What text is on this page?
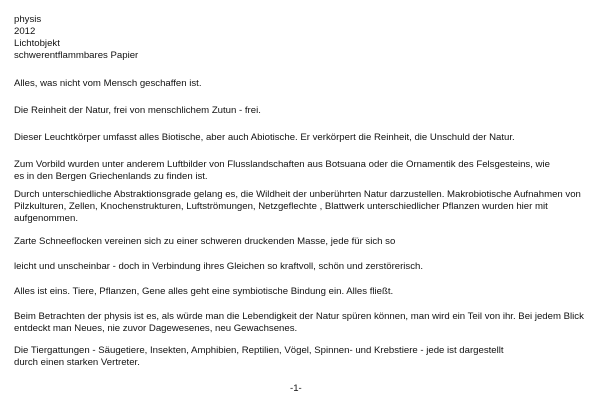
physis
2012
Lichtobjekt
schwerentflammbares Papier

Alles, was nicht vom Mensch geschaffen ist.

Die Reinheit der Natur, frei von menschlichem Zutun - frei.

Dieser Leuchtkörper umfasst alles Biotische, aber auch Abiotische. Er verkörpert die Reinheit, die Unschuld der Natur.

Zum Vorbild wurden unter anderem Luftbilder von Flusslandschaften aus Botsuana oder die Ornamentik des Felsgesteins, wie es in den Bergen Griechenlands zu finden ist.

Durch unterschiedliche Abstraktionsgrade gelang es, die Wildheit der unberührten Natur darzustellen. Makrobiotische Aufnahmen von Pilzkulturen, Zellen, Knochenstrukturen, Luftströmungen, Netzgeflechte , Blattwerk unterschiedlicher Pflanzen wurden hier mit aufgenommen.

Zarte Schneeflocken vereinen sich zu einer schweren druckenden Masse, jede für sich so

leicht und unscheinbar - doch in Verbindung ihres Gleichen so kraftvoll, schön und zerstörerisch.

Alles ist eins. Tiere, Pflanzen, Gene alles geht eine symbiotische Bindung ein. Alles fließt.

Beim Betrachten der physis ist es, als würde man die Lebendigkeit der Natur spüren können, man wird ein Teil von ihr. Bei jedem Blick entdeckt man Neues, nie zuvor Dagewesenes, neu Gewachsenes.

Die Tiergattungen - Säugetiere, Insekten, Amphibien, Reptilien, Vögel, Spinnen- und Krebstiere - jede ist dargestellt durch einen starken Vertreter.

-1-
